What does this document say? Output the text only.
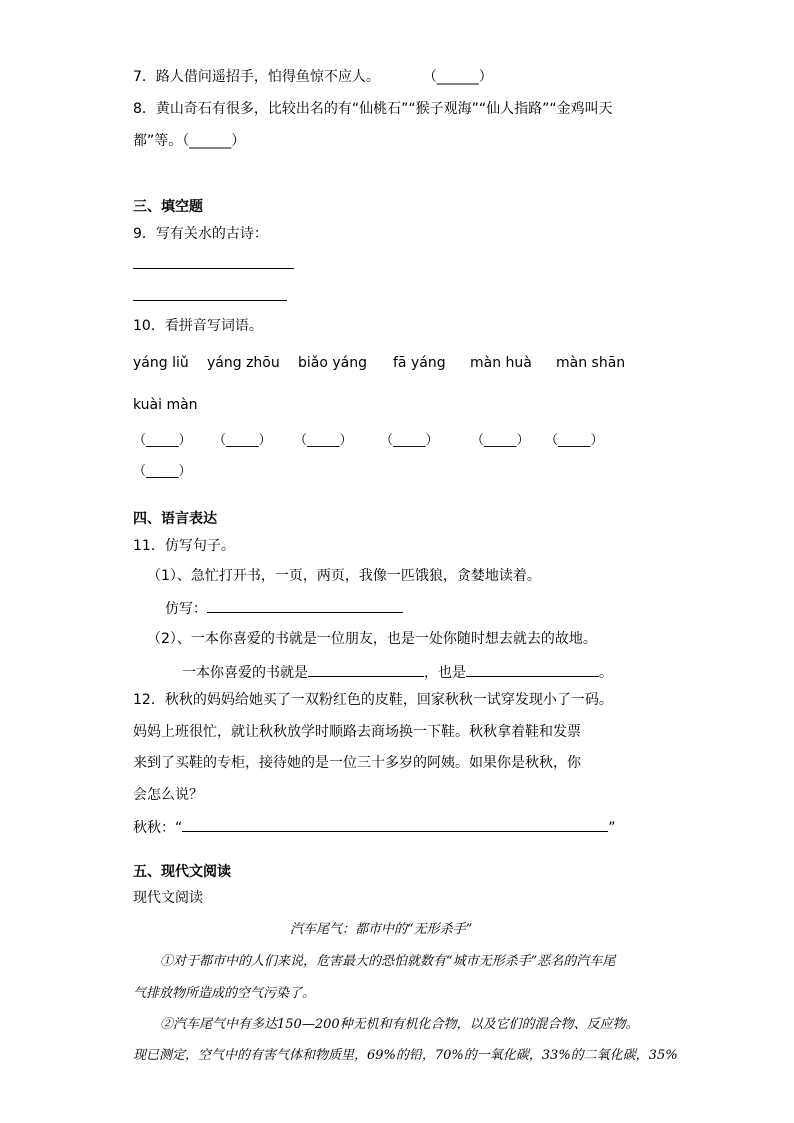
7．路人借问遥招手，怕得鱼惊不应人。	（______）
8．黄山奇石有很多，比较出名的有“仙桃石”“猴子观海”“仙人指路”“金鸡叫天
都”等。（______）
三、填空题
9．写有关水的古诗：
10．看拼音写词语。
yáng liǔ yáng zhōu biǎo yáng fā yáng màn huà màn shān
kuài màn
（_____） （_____） （_____） （_____） （_____） （_____）
（_____）
四、语言表达
11．仿写句子。
（1）、急忙打开书，一页，两页，我像一匹饿狼，贪婪地读着。
仿写：
（2）、一本你喜爱的书就是一位朋友，也是一处你随时想去就去的故地。
一本你喜爱的书就是	，也是	。
12．秋秋的妈妈给她买了一双粉红色的皮鞋，回家秋秋一试穿发现小了一码。
妈妈上班很忙，就让秋秋放学时顺路去商场换一下鞋。秋秋拿着鞋和发票
来到了买鞋的专柜，接待她的是一位三十多岁的阿姨。如果你是秋秋，你
会怎么说？
秋秋：“	”
五、现代文阅读
现代文阅读
汽车尾气：都市中的“无形杀手”
①对于都市中的人们来说，危害最大的恐怕就数有“城市无形杀手”恶名的汽车尾
气排放物所造成的空气污染了。
②汽车尾气中有多达150—200种无机和有机化合物，以及它们的混合物、反应物。
现已测定，空气中的有害气体和物质里，69%的铅，70%的一氧化碳，33%的二氧化碳，35%
